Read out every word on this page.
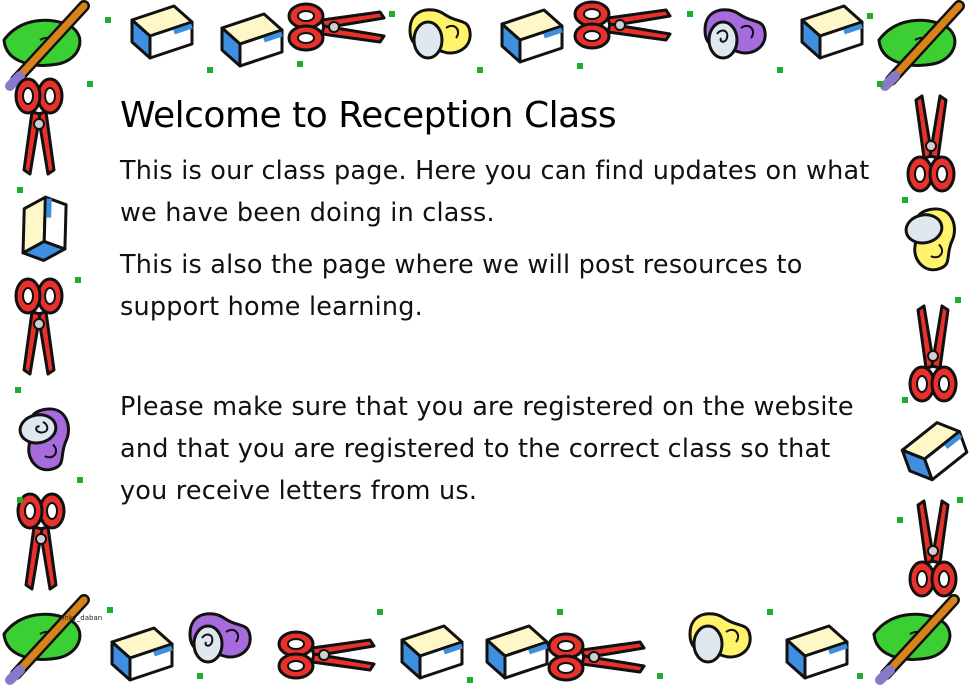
Welcome to Reception Class

This is our class page. Here you can find updates on what we have been doing in class.

This is also the page where we will post resources to support home learning.

Please make sure that you are registered on the website and that you are registered to the correct class so that you receive letters from us.

pinky_daban
